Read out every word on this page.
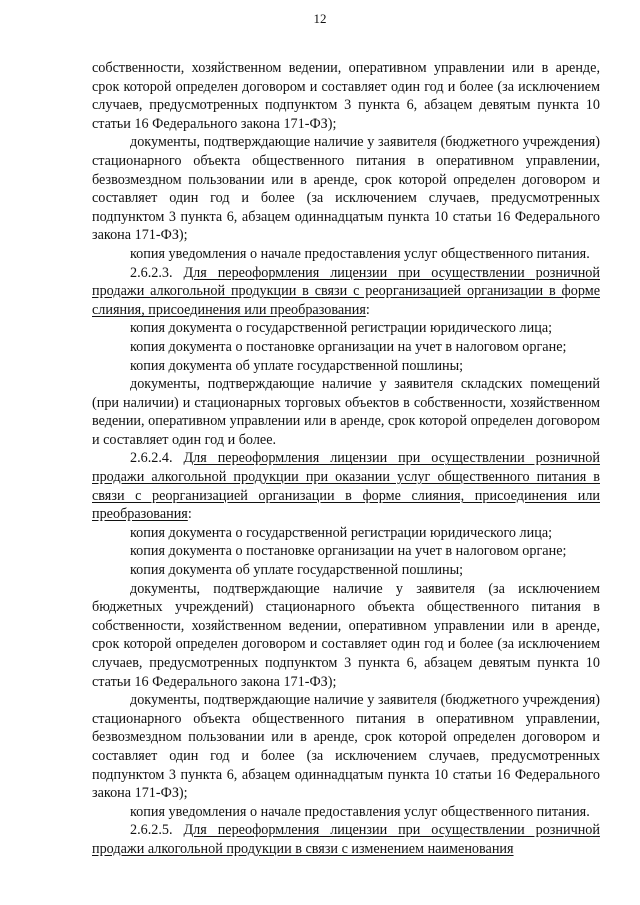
12

собственности, хозяйственном ведении, оперативном управлении или в аренде, срок которой определен договором и составляет один год и более (за исключением случаев, предусмотренных подпунктом 3 пункта 6, абзацем девятым пункта 10 статьи 16 Федерального закона 171-ФЗ);

документы, подтверждающие наличие у заявителя (бюджетного учреждения) стационарного объекта общественного питания в оперативном управлении, безвозмездном пользовании или в аренде, срок которой определен договором и составляет один год и более (за исключением случаев, предусмотренных подпунктом 3 пункта 6, абзацем одиннадцатым пункта 10 статьи 16 Федерального закона 171-ФЗ);

копия уведомления о начале предоставления услуг общественного питания.

2.6.2.3. Для переоформления лицензии при осуществлении розничной продажи алкогольной продукции в связи с реорганизацией организации в форме слияния, присоединения или преобразования:

копия документа о государственной регистрации юридического лица;

копия документа о постановке организации на учет в налоговом органе;

копия документа об уплате государственной пошлины;

документы, подтверждающие наличие у заявителя складских помещений (при наличии) и стационарных торговых объектов в собственности, хозяйственном ведении, оперативном управлении или в аренде, срок которой определен договором и составляет один год и более.

2.6.2.4. Для переоформления лицензии при осуществлении розничной продажи алкогольной продукции при оказании услуг общественного питания в связи с реорганизацией организации в форме слияния, присоединения или преобразования:

копия документа о государственной регистрации юридического лица;

копия документа о постановке организации на учет в налоговом органе;

копия документа об уплате государственной пошлины;

документы, подтверждающие наличие у заявителя (за исключением бюджетных учреждений) стационарного объекта общественного питания в собственности, хозяйственном ведении, оперативном управлении или в аренде, срок которой определен договором и составляет один год и более (за исключением случаев, предусмотренных подпунктом 3 пункта 6, абзацем девятым пункта 10 статьи 16 Федерального закона 171-ФЗ);

документы, подтверждающие наличие у заявителя (бюджетного учреждения) стационарного объекта общественного питания в оперативном управлении, безвозмездном пользовании или в аренде, срок которой определен договором и составляет один год и более (за исключением случаев, предусмотренных подпунктом 3 пункта 6, абзацем одиннадцатым пункта 10 статьи 16 Федерального закона 171-ФЗ);

копия уведомления о начале предоставления услуг общественного питания.

2.6.2.5. Для переоформления лицензии при осуществлении розничной продажи алкогольной продукции в связи с изменением наименования
